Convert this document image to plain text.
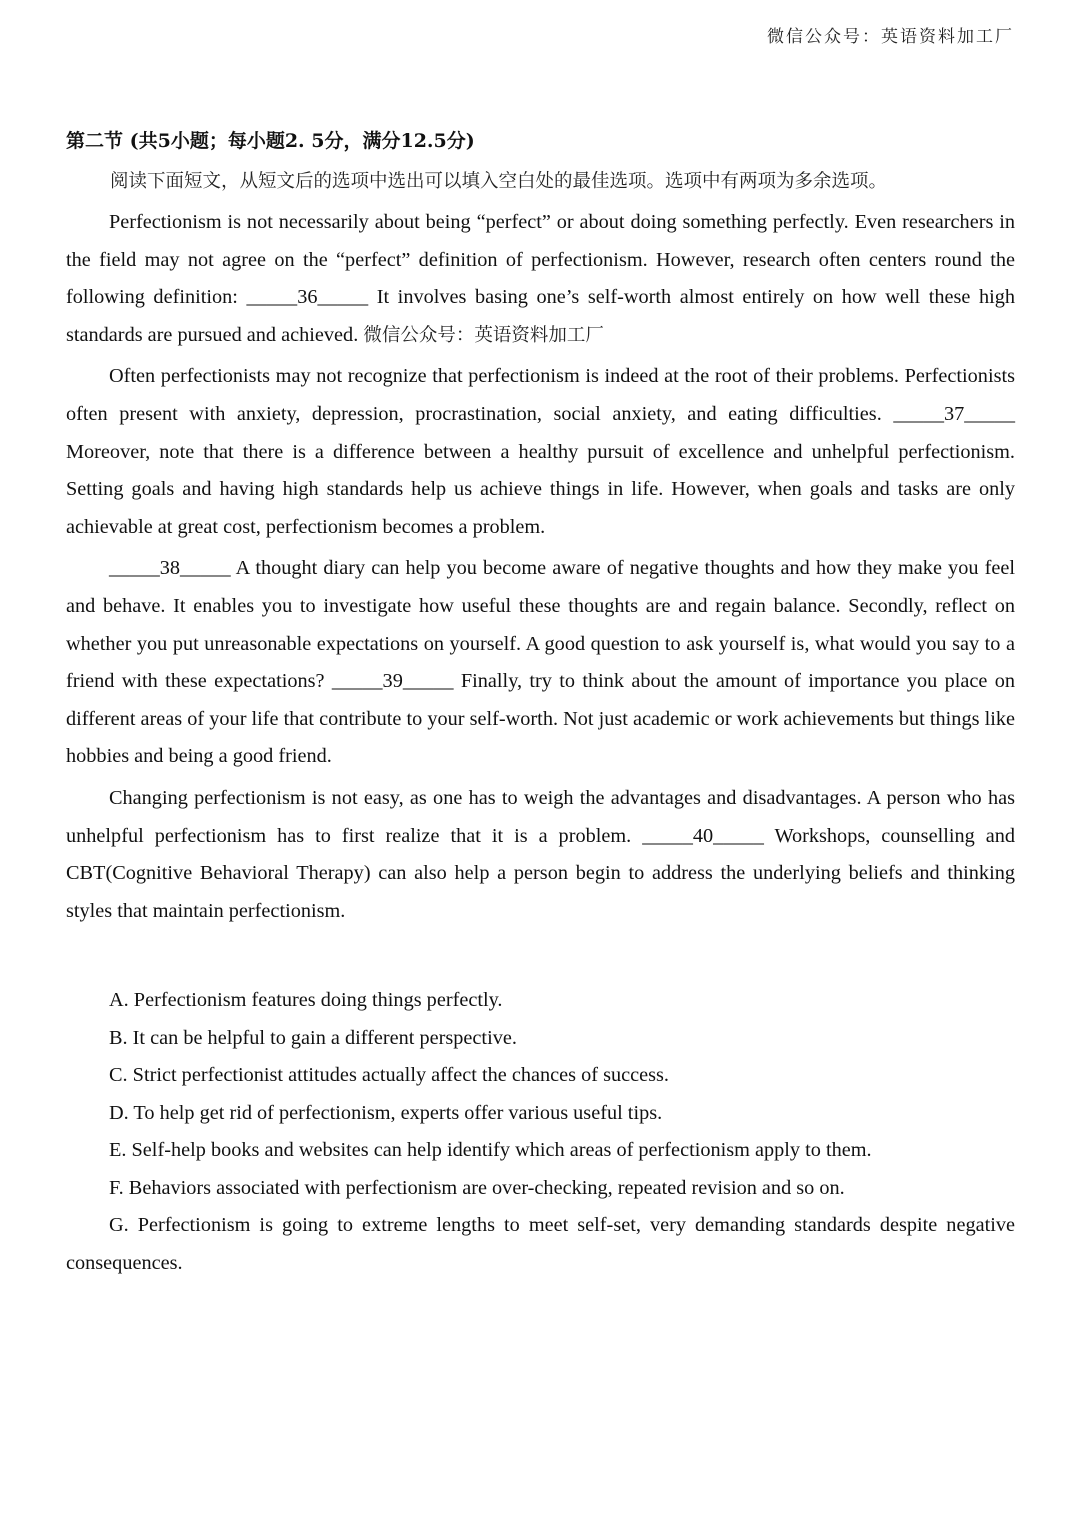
微信公众号：英语资料加工厂
第二节 (共5小题；每小题2. 5分，满分12.5分)
阅读下面短文，从短文后的选项中选出可以填入空白处的最佳选项。选项中有两项为多余选项。

Perfectionism is not necessarily about being “perfect” or about doing something perfectly. Even researchers in the field may not agree on the “perfect” definition of perfectionism. However, research often centers round the following definition: _____36_____ It involves basing one’s self-worth almost entirely on how well these high standards are pursued and achieved. 微信公众号：英语资料加工厂

Often perfectionists may not recognize that perfectionism is indeed at the root of their problems. Perfectionists often present with anxiety, depression, procrastination, social anxiety, and eating difficulties. _____37_____ Moreover, note that there is a difference between a healthy pursuit of excellence and unhelpful perfectionism. Setting goals and having high standards help us achieve things in life. However, when goals and tasks are only achievable at great cost, perfectionism becomes a problem.

_____38_____ A thought diary can help you become aware of negative thoughts and how they make you feel and behave. It enables you to investigate how useful these thoughts are and regain balance. Secondly, reflect on whether you put unreasonable expectations on yourself. A good question to ask yourself is, what would you say to a friend with these expectations? _____39_____ Finally, try to think about the amount of importance you place on different areas of your life that contribute to your self-worth. Not just academic or work achievements but things like hobbies and being a good friend.

Changing perfectionism is not easy, as one has to weigh the advantages and disadvantages. A person who has unhelpful perfectionism has to first realize that it is a problem. _____40_____ Workshops, counselling and CBT(Cognitive Behavioral Therapy) can also help a person begin to address the underlying beliefs and thinking styles that maintain perfectionism.

A. Perfectionism features doing things perfectly.

B. It can be helpful to gain a different perspective.

C. Strict perfectionist attitudes actually affect the chances of success.

D. To help get rid of perfectionism, experts offer various useful tips.

E. Self-help books and websites can help identify which areas of perfectionism apply to them.

F. Behaviors associated with perfectionism are over-checking, repeated revision and so on.

G. Perfectionism is going to extreme lengths to meet self-set, very demanding standards despite negative consequences.
